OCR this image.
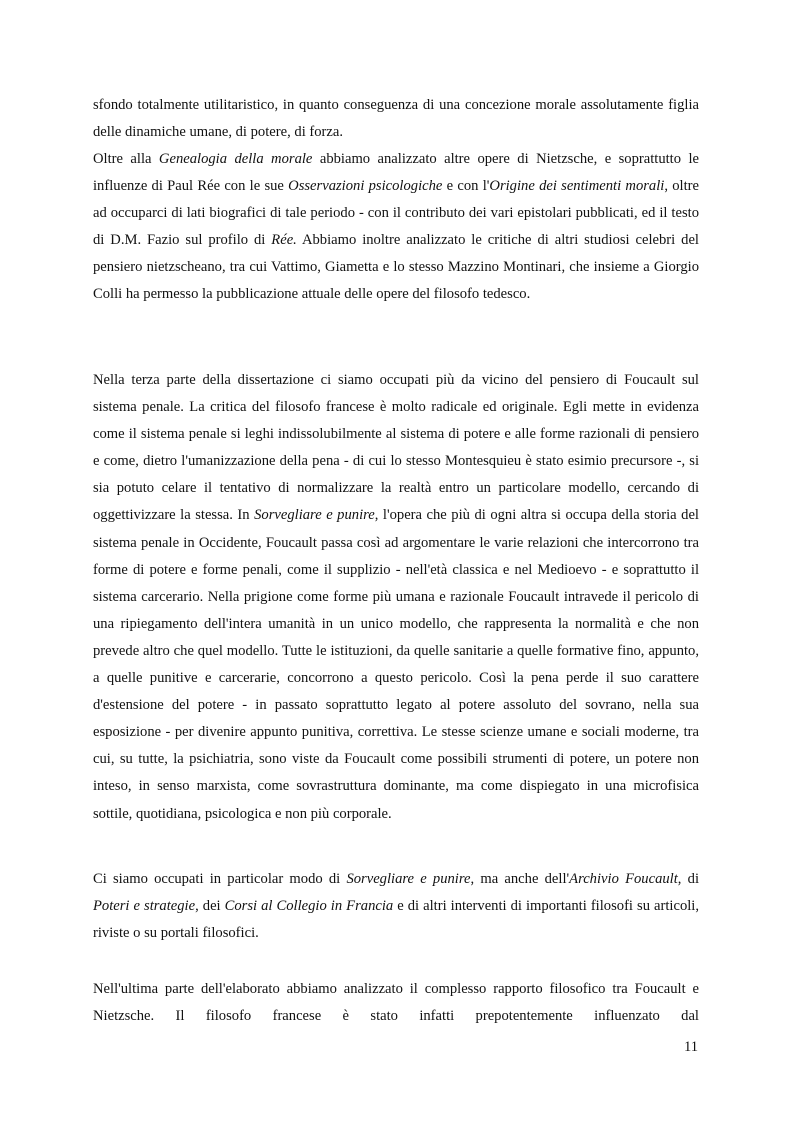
sfondo totalmente utilitaristico, in quanto conseguenza di una concezione morale assolutamente figlia delle dinamiche umane, di potere, di forza.

Oltre alla Genealogia della morale abbiamo analizzato altre opere di Nietzsche, e soprattutto le influenze di Paul Rée con le sue Osservazioni psicologiche e con l'Origine dei sentimenti morali, oltre ad occuparci di lati biografici di tale periodo - con il contributo dei vari epistolari pubblicati, ed il testo di D.M. Fazio sul profilo di Rée. Abbiamo inoltre analizzato le critiche di altri studiosi celebri del pensiero nietzscheano, tra cui Vattimo, Giametta e lo stesso Mazzino Montinari, che insieme a Giorgio Colli ha permesso la pubblicazione attuale delle opere del filosofo tedesco.

Nella terza parte della dissertazione ci siamo occupati più da vicino del pensiero di Foucault sul sistema penale. La critica del filosofo francese è molto radicale ed originale. Egli mette in evidenza come il sistema penale si leghi indissolubilmente al sistema di potere e alle forme razionali di pensiero e come, dietro l'umanizzazione della pena - di cui lo stesso Montesquieu è stato esimio precursore -, si sia potuto celare il tentativo di normalizzare la realtà entro un particolare modello, cercando di oggettivizzare la stessa. In Sorvegliare e punire, l'opera che più di ogni altra si occupa della storia del sistema penale in Occidente, Foucault passa così ad argomentare le varie relazioni che intercorrono tra forme di potere e forme penali, come il supplizio - nell'età classica e nel Medioevo - e soprattutto il sistema carcerario. Nella prigione come forme più umana e razionale Foucault intravede il pericolo di una ripiegamento dell'intera umanità in un unico modello, che rappresenta la normalità e che non prevede altro che quel modello. Tutte le istituzioni, da quelle sanitarie a quelle formative fino, appunto, a quelle punitive e carcerarie, concorrono a questo pericolo. Così la pena perde il suo carattere d'estensione del potere - in passato soprattutto legato al potere assoluto del sovrano, nella sua esposizione - per divenire appunto punitiva, correttiva. Le stesse scienze umane e sociali moderne, tra cui, su tutte, la psichiatria, sono viste da Foucault come possibili strumenti di potere, un potere non inteso, in senso marxista, come sovrastruttura dominante, ma come dispiegato in una microfisica sottile, quotidiana, psicologica e non più corporale.

Ci siamo occupati in particolar modo di Sorvegliare e punire, ma anche dell'Archivio Foucault, di Poteri e strategie, dei Corsi al Collegio in Francia e di altri interventi di importanti filosofi su articoli, riviste o su portali filosofici.

Nell'ultima parte dell'elaborato abbiamo analizzato il complesso rapporto filosofico tra Foucault e Nietzsche. Il filosofo francese è stato infatti prepotentemente influenzato dal

11
